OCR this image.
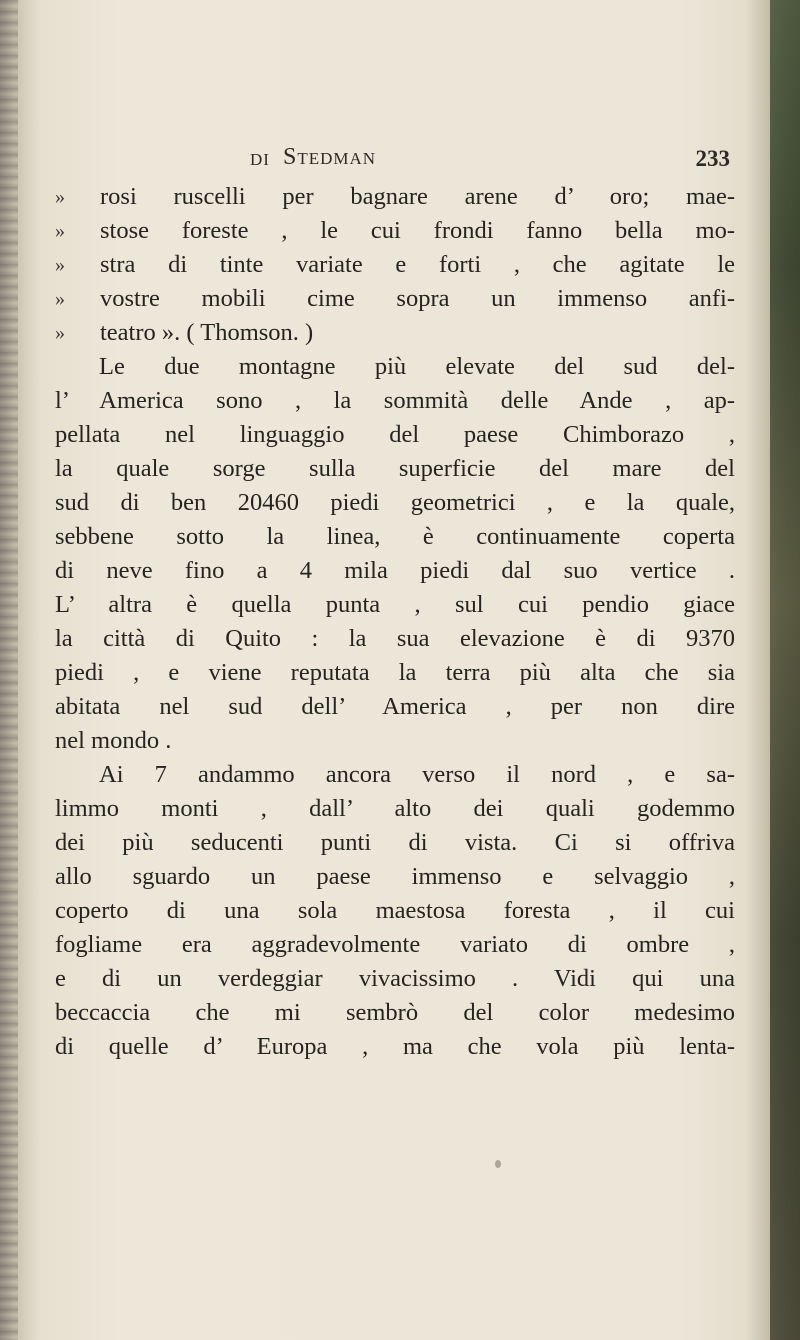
DI Stedman	233
» rosi ruscelli per bagnare arene d’ oro; mae-
» stose foreste , le cui frondi fanno bella mo-
» stra di tinte variate e forti , che agitate le
» vostre mobili cime sopra un immenso anfi-
» teatro ». ( Thomson. )
Le due montagne più elevate del sud del-
l’ America sono , la sommità delle Ande , ap-
pellata nel linguaggio del paese Chimborazo ,
la quale sorge sulla superficie del mare del
sud di ben 20460 piedi geometrici , e la quale,
sebbene sotto la linea, è continuamente coperta
di neve fino a 4 mila piedi dal suo vertice .
L’ altra è quella punta , sul cui pendio giace
la città di Quito : la sua elevazione è di 9370
piedi , e viene reputata la terra più alta che sia
abitata nel sud dell’ America , per non dire
nel mondo .
Ai 7 andammo ancora verso il nord , e sa-
limmo monti , dall’ alto dei quali godemmo
dei più seducenti punti di vista. Ci si offriva
allo sguardo un paese immenso e selvaggio ,
coperto di una sola maestosa foresta , il cui
fogliame era aggradevolmente variato di ombre ,
e di un verdeggiar vivacissimo . Vidi qui una
beccaccia che mi sembrò del color medesimo
di quelle d’ Europa , ma che vola più lenta-
